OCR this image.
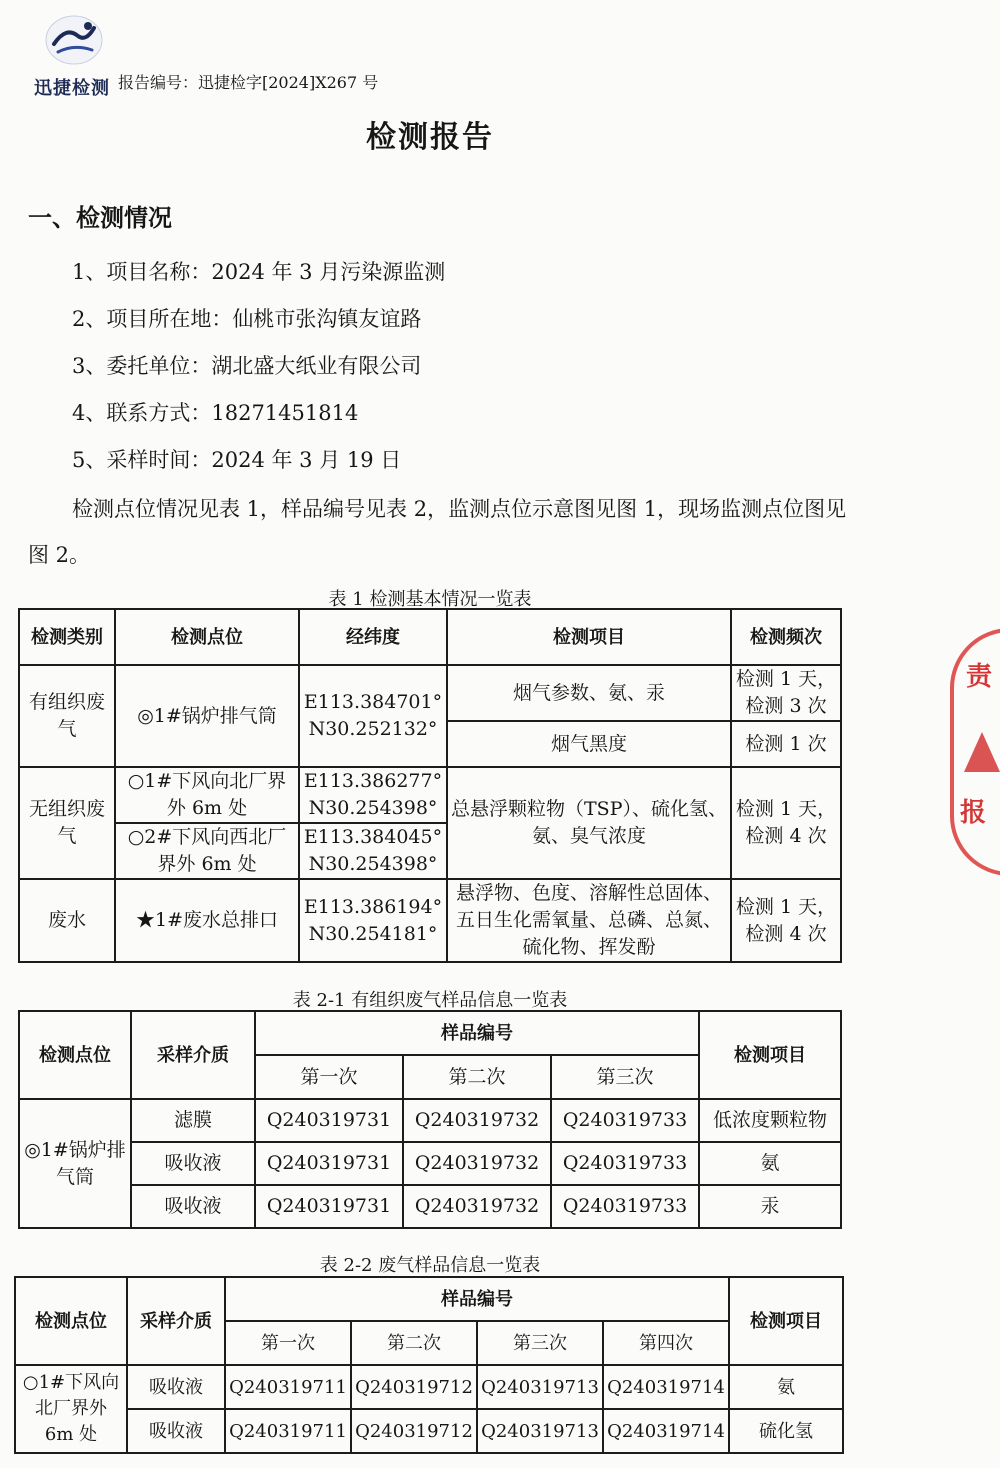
迅捷检测 报告编号：迅捷检字[2024]X267 号
检测报告
一、检测情况
1、项目名称：2024 年 3 月污染源监测
2、项目所在地：仙桃市张沟镇友谊路
3、委托单位：湖北盛大纸业有限公司
4、联系方式：18271451814
5、采样时间：2024 年 3 月 19 日
检测点位情况见表 1，样品编号见表 2，监测点位示意图见图 1，现场监测点位图见图 2。
表 1 检测基本情况一览表
检测类别	检测点位	经纬度	检测项目	检测频次
有组织废气	◎1#锅炉排气筒	E113.384701°
N30.252132°	烟气参数、氨、汞	检测 1 天，检测 3 次
			烟气黑度	检测 1 次
无组织废气	○1#下风向北厂界外 6m 处	E113.386277°
N30.254398°	总悬浮颗粒物（TSP）、硫化氢、氨、臭气浓度	检测 1 天，检测 4 次
	○2#下风向西北厂界外 6m 处	E113.384045°
N30.254398°		

废水	★1#废水总排口	E113.386194°
N30.254181°	悬浮物、色度、溶解性总固体、五日生化需氧量、总磷、总氮、硫化物、挥发酚	检测 1 天，检测 4 次
表 2-1 有组织废气样品信息一览表
检测点位	采样介质	样品编号			检测项目
		第一次	第二次	第三次	
◎1#锅炉排气筒	滤膜	Q240319731	Q240319732	Q240319733	低浓度颗粒物
	吸收液	Q240319731	Q240319732	Q240319733	氨
	吸收液	Q240319731	Q240319732	Q240319733	汞
表 2-2 废气样品信息一览表
检测点位	采样介质	样品编号				检测项目
		第一次	第二次	第三次	第四次	
○1#下风向北厂界外 6m 处	吸收液	Q240319711	Q240319712	Q240319713	Q240319714	氨
	吸收液	Q240319711	Q240319712	Q240319713	Q240319714	硫化氢
责
报
